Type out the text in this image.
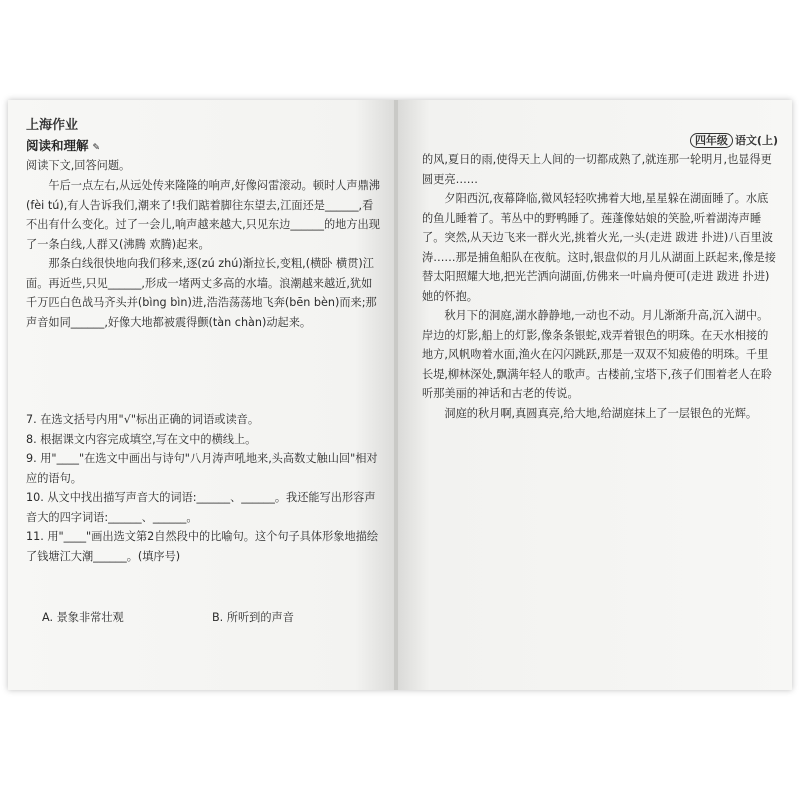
上海作业
阅读和理解 ✎
阅读下文,回答问题。

午后一点左右,从远处传来隆隆的响声,好像闷雷滚动。顿时人声鼎沸(fèi tú),有人告诉我们,潮来了!我们踮着脚往东望去,江面还是______,看不出有什么变化。过了一会儿,响声越来越大,只见东边______的地方出现了一条白线,人群又(沸腾 欢腾)起来。

那条白线很快地向我们移来,逐(zú zhú)渐拉长,变粗,(横卧 横贯)江面。再近些,只见______,形成一堵两丈多高的水墙。浪潮越来越近,犹如千万匹白色战马齐头并(bìng bìn)进,浩浩荡荡地飞奔(bēn bèn)而来;那声音如同______,好像大地都被震得颤(tàn chàn)动起来。

7. 在选文括号内用"√"标出正确的词语或读音。

8. 根据课文内容完成填空,写在文中的横线上。

9. 用"____"在选文中画出与诗句"八月涛声吼地来,头高数丈触山回"相对应的语句。

10. 从文中找出描写声音大的词语:______、______。我还能写出形容声音大的四字词语:______、______。

11. 用"____"画出选文第2自然段中的比喻句。这个句子具体形象地描绘了钱塘江大潮______。(填序号)

A. 景象非常壮观	B. 所听到的声音
四年级 语文(上)

的风,夏日的雨,使得天上人间的一切都成熟了,就连那一轮明月,也显得更圆更亮……

夕阳西沉,夜幕降临,微风轻轻吹拂着大地,星星躲在湖面睡了。水底的鱼儿睡着了。苇丛中的野鸭睡了。莲蓬像姑娘的笑脸,听着湖涛声睡了。突然,从天边飞来一群火光,挑着火光,一头(走进 跋进 扑进)八百里波涛……那是捕鱼船队在夜航。这时,银盘似的月儿从湖面上跃起来,像是接替太阳照耀大地,把光芒洒向湖面,仿佛来一叶扁舟便可(走进 跋进 扑进)她的怀抱。

秋月下的洞庭,湖水静静地,一动也不动。月儿渐渐升高,沉入湖中。岸边的灯影,船上的灯影,像条条银蛇,戏弄着银色的明珠。在天水相接的地方,风帆吻着水面,渔火在闪闪跳跃,那是一双双不知疲倦的明珠。千里长堤,柳林深处,飘满年轻人的歌声。古楼前,宝塔下,孩子们围着老人在聆听那美丽的神话和古老的传说。

洞庭的秋月啊,真圆真亮,给大地,给湖庭抹上了一层银色的光辉。
